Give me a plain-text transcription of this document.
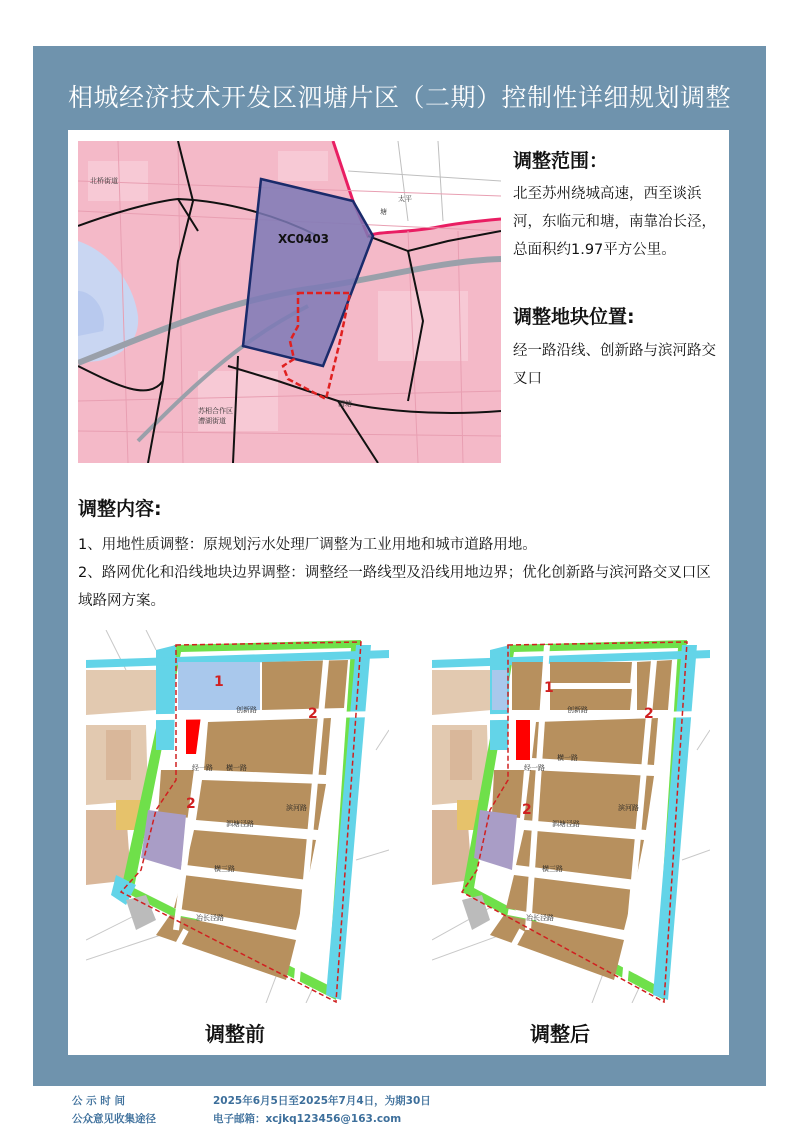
相城经济技术开发区泗塘片区（二期）控制性详细规划调整
XC0403
北桥街道
苏相合作区
漕湖街道
渭塘
太平
塘
调整范围：
北至苏州绕城高速，西至谈浜河，东临元和塘，南靠冶长泾，总面积约1.97平方公里。
调整地块位置:
经一路沿线、创新路与滨河路交叉口
调整内容:
1、用地性质调整：原规划污水处理厂调整为工业用地和城市道路用地。
2、路网优化和沿线地块边界调整：调整经一路线型及沿线用地边界；优化创新路与滨河路交叉口区域路网方案。
创新路
横一路
经一路
泗塘泾路
横三路
冶长泾路
滨河路
1
2
2
创新路
横一路
经一路
泗塘泾路
横三路
冶长泾路
滨河路
1
2
2
调整前	调整后
公 示 时 间	2025年6月5日至2025年7月4日，为期30日
公众意见收集途径	电子邮箱：xcjkq123456@163.com
